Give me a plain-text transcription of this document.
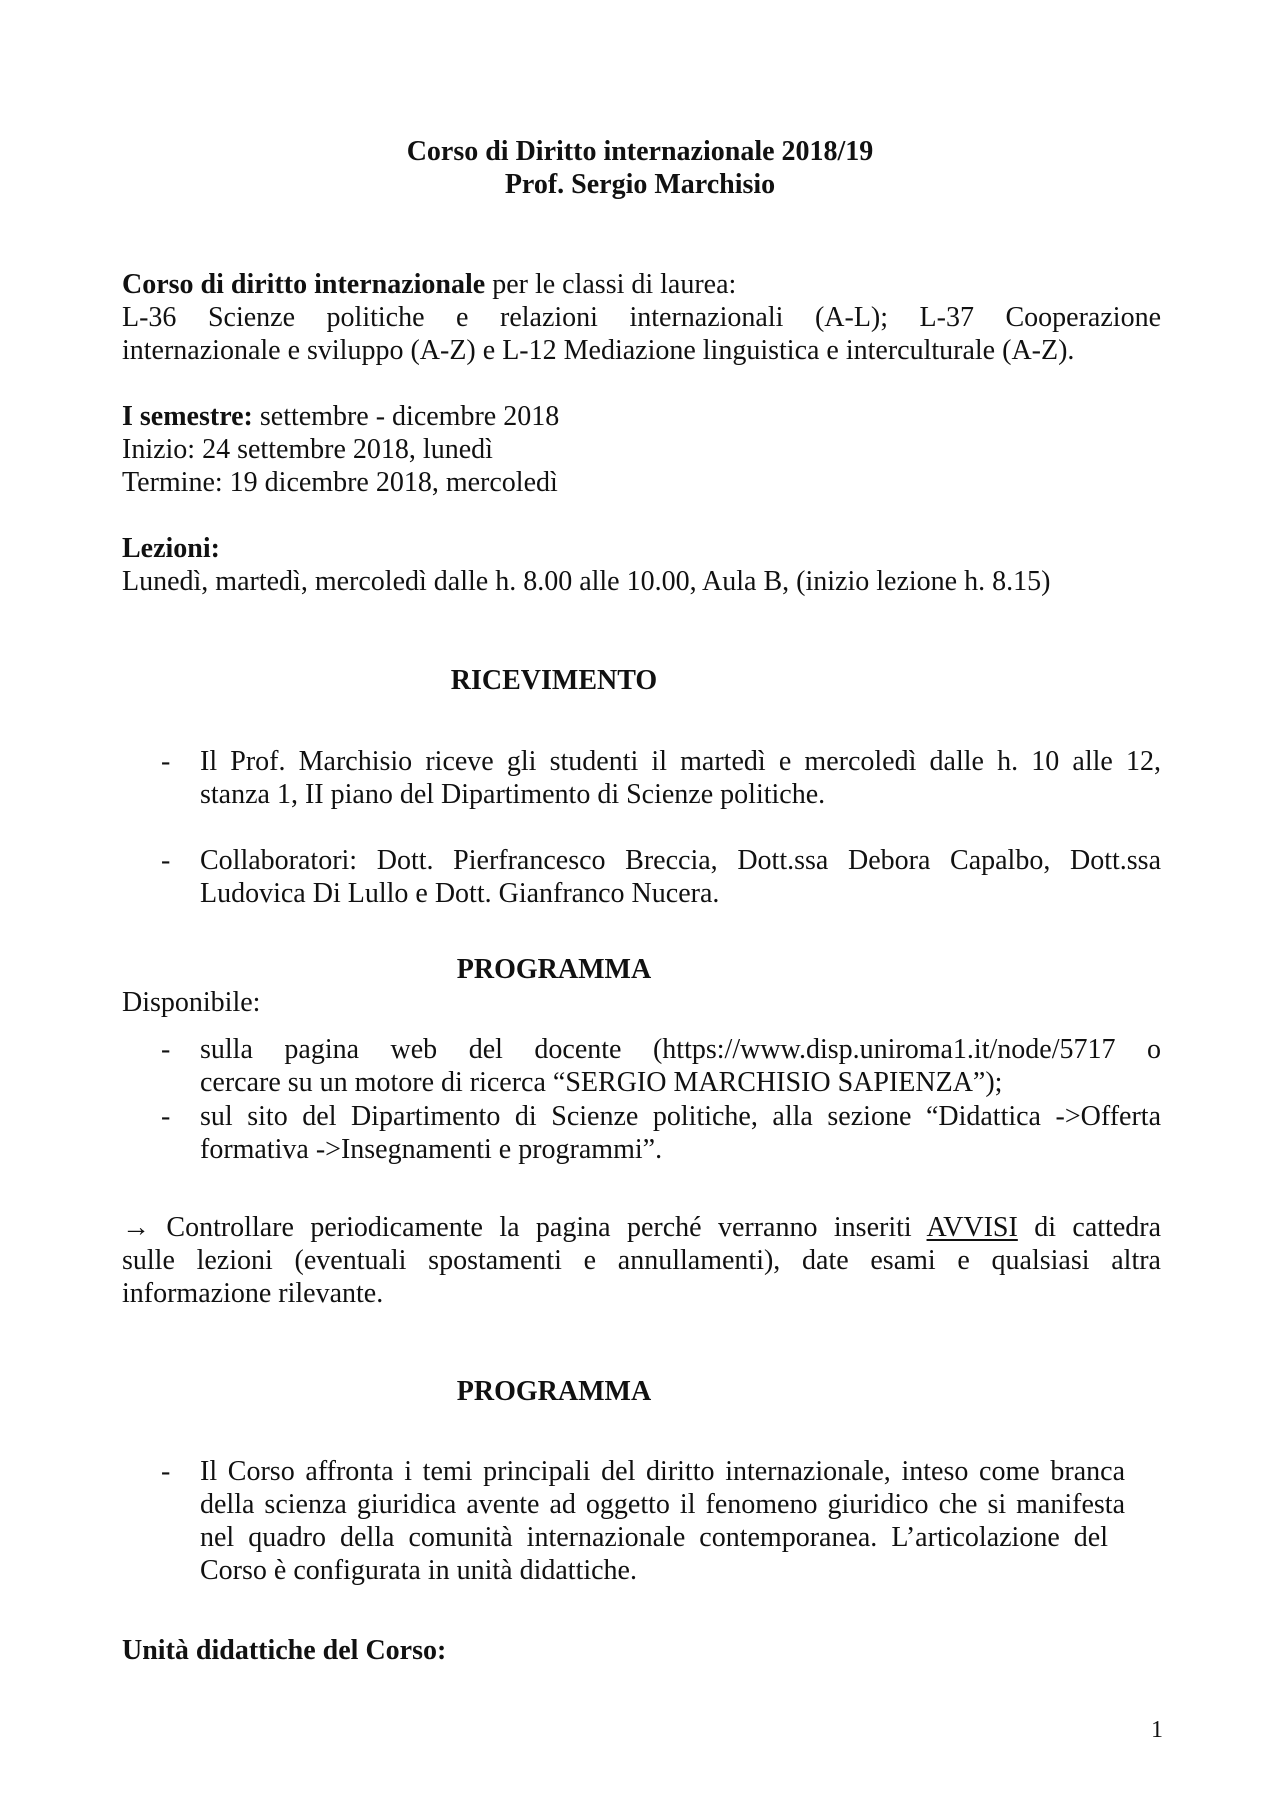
Corso di Diritto internazionale 2018/19
Prof. Sergio Marchisio
Corso di diritto internazionale per le classi di laurea:
L-36 Scienze politiche e relazioni internazionali (A-L); L-37 Cooperazione
internazionale e sviluppo (A-Z) e L-12 Mediazione linguistica e interculturale (A-Z).
I semestre: settembre - dicembre 2018
Inizio: 24 settembre 2018, lunedì
Termine: 19 dicembre 2018, mercoledì
Lezioni:
Lunedì, martedì, mercoledì dalle h. 8.00 alle 10.00, Aula B, (inizio lezione h. 8.15)
RICEVIMENTO
- Il Prof. Marchisio riceve gli studenti il martedì e mercoledì dalle h. 10 alle 12,
stanza 1, II piano del Dipartimento di Scienze politiche.
- Collaboratori: Dott. Pierfrancesco Breccia, Dott.ssa Debora Capalbo, Dott.ssa
Ludovica Di Lullo e Dott. Gianfranco Nucera.
PROGRAMMA
Disponibile:
- sulla pagina web del docente (https://www.disp.uniroma1.it/node/5717 o
cercare su un motore di ricerca “SERGIO MARCHISIO SAPIENZA”);
- sul sito del Dipartimento di Scienze politiche, alla sezione “Didattica ->Offerta
formativa ->Insegnamenti e programmi”.
→ Controllare periodicamente la pagina perché verranno inseriti AVVISI di cattedra
sulle lezioni (eventuali spostamenti e annullamenti), date esami e qualsiasi altra
informazione rilevante.
PROGRAMMA
- Il Corso affronta i temi principali del diritto internazionale, inteso come branca
della scienza giuridica avente ad oggetto il fenomeno giuridico che si manifesta
nel quadro della comunità internazionale contemporanea. L’articolazione del
Corso è configurata in unità didattiche.
Unità didattiche del Corso:
1
